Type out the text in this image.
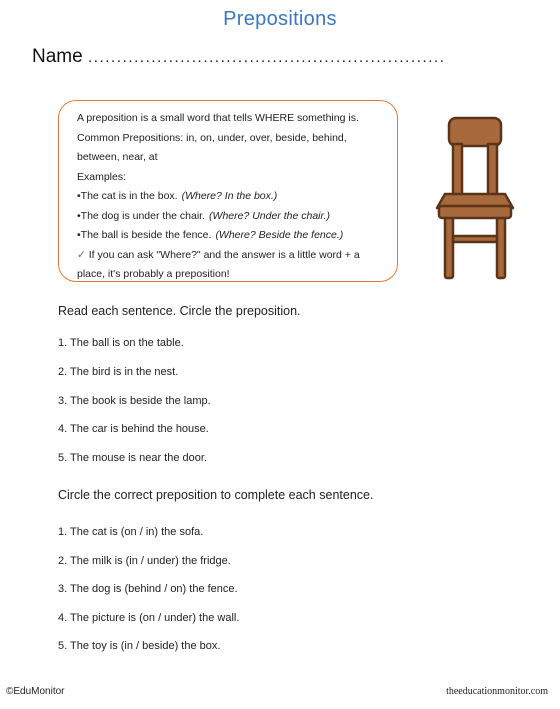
Prepositions
Name ..............................................................
A preposition is a small word that tells WHERE something is.
Common Prepositions: in, on, under, over, beside, behind,
between, near, at
Examples:
•The cat is in the box. (Where? In the box.)
•The dog is under the chair. (Where? Under the chair.)
•The ball is beside the fence. (Where? Beside the fence.)
✓ If you can ask "Where?" and the answer is a little word + a
place, it's probably a preposition!
Read each sentence. Circle the preposition.
1. The ball is on the table.
2. The bird is in the nest.
3. The book is beside the lamp.
4. The car is behind the house.
5. The mouse is near the door.
Circle the correct preposition to complete each sentence.
1. The cat is (on / in) the sofa.
2. The milk is (in / under) the fridge.
3. The dog is (behind / on) the fence.
4. The picture is (on / under) the wall.
5. The toy is (in / beside) the box.
©EduMonitor	theeducationmonitor.com
